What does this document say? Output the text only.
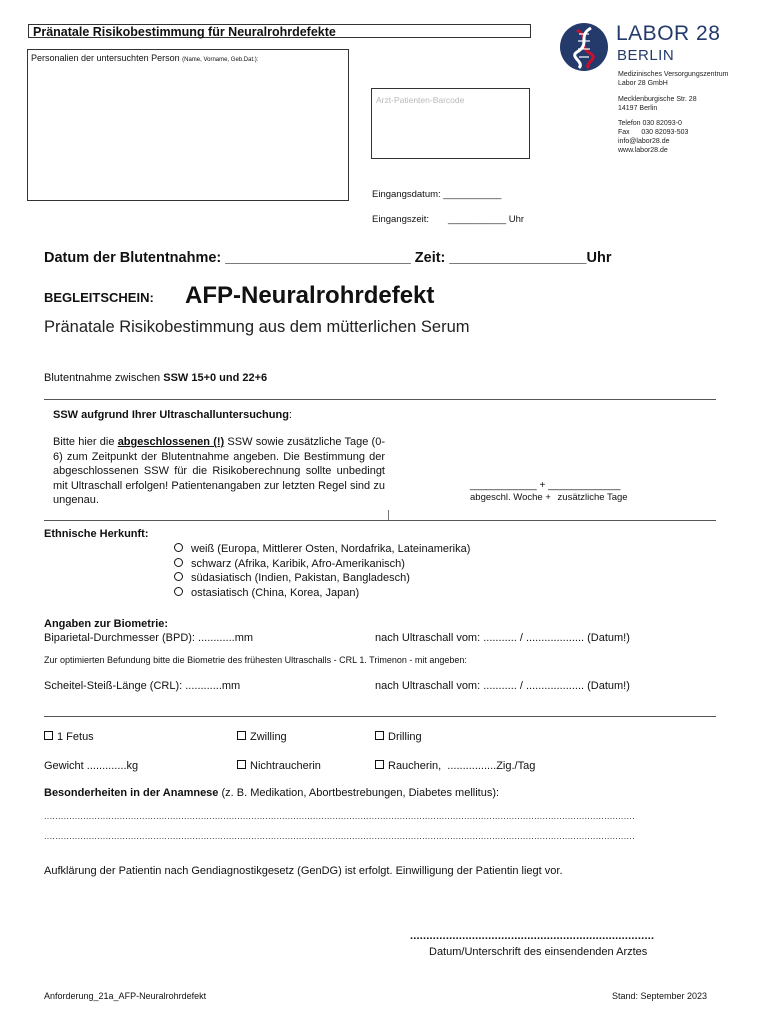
Pränatale Risikobestimmung für Neuralrohrdefekte
Personalien der untersuchten Person (Name, Vorname, Geb.Dat.):
Arzt-Patienten-Barcode
LABOR 28
BERLIN
Medizinisches Versorgungszentrum
Labor 28 GmbH
Mecklenburgische Str. 28
14197 Berlin
Telefon 030 82093-0
Fax      030 82093-503
info@labor28.de
www.labor28.de
Eingangsdatum: ___________
Eingangszeit: ___________ Uhr
Datum der Blutentnahme: _______________________ Zeit: _________________Uhr
BEGLEITSCHEIN: AFP-Neuralrohrdefekt
Pränatale Risikobestimmung aus dem mütterlichen Serum
Blutentnahme zwischen SSW 15+0 und 22+6
SSW aufgrund Ihrer Ultraschalluntersuchung:
Bitte hier die abgeschlossenen (!) SSW sowie zusätzliche Tage (0-6) zum Zeitpunkt der Blutentnahme angeben. Die Bestimmung der abgeschlossenen SSW für die Risikoberechnung sollte unbedingt mit Ultraschall erfolgen! Patientenangaben zur letzten Regel sind zu ungenau.
____________ + _____________
abgeschl. Woche + zusätzliche Tage
Ethnische Herkunft:
weiß (Europa, Mittlerer Osten, Nordafrika, Lateinamerika)
schwarz (Afrika, Karibik, Afro-Amerikanisch)
südasiatisch (Indien, Pakistan, Bangladesch)
ostasiatisch (China, Korea, Japan)
Angaben zur Biometrie:
Biparietal-Durchmesser (BPD): ............mm	nach Ultraschall vom: ........... / ................... (Datum!)
Zur optimierten Befundung bitte die Biometrie des frühesten Ultraschalls - CRL 1. Trimenon - mit angeben:
Scheitel-Steiß-Länge (CRL): ............mm	nach Ultraschall vom: ........... / ................... (Datum!)
1 Fetus	Zwilling	Drilling
Gewicht .............kg	Nichtraucherin	Raucherin,  ................Zig./Tag
Besonderheiten in der Anamnese (z. B. Medikation, Abortbestrebungen, Diabetes mellitus):
...................................................................................................................................................................................................................
...................................................................................................................................................................................................................
Aufklärung der Patientin nach Gendiagnostikgesetz (GenDG) ist erfolgt. Einwilligung der Patientin liegt vor.
...........................................................................
Datum/Unterschrift des einsendenden Arztes
Anforderung_21a_AFP-Neuralrohrdefekt	Stand: September 2023
